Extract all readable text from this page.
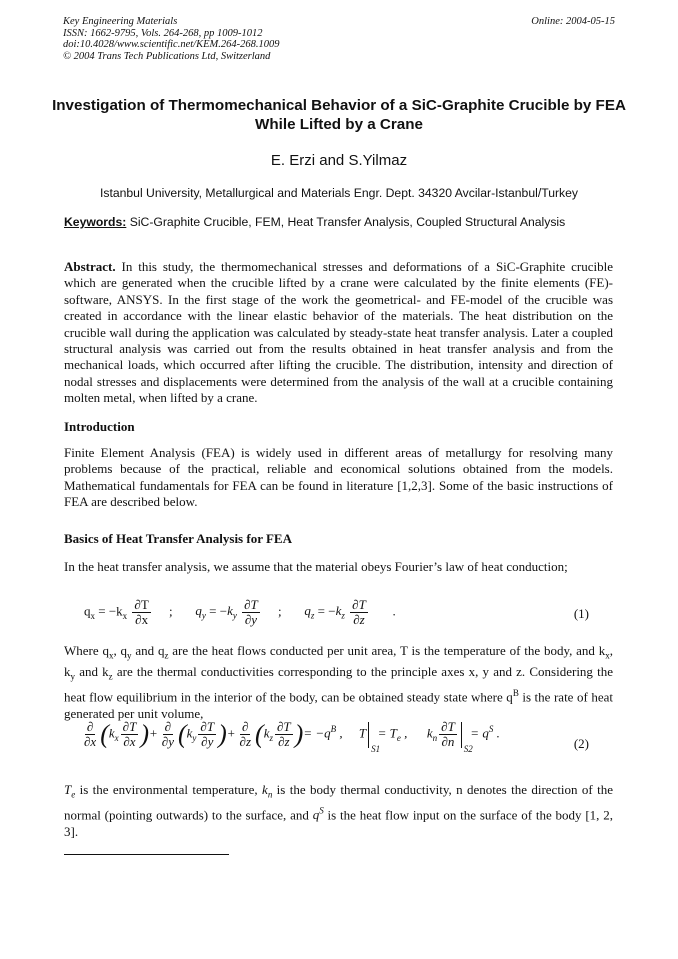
Key Engineering Materials
ISSN: 1662-9795, Vols. 264-268, pp 1009-1012
doi:10.4028/www.scientific.net/KEM.264-268.1009
© 2004 Trans Tech Publications Ltd, Switzerland
Online: 2004-05-15
Investigation of Thermomechanical Behavior of a SiC-Graphite Crucible by FEA While Lifted by a Crane
E. Erzi and S.Yilmaz
Istanbul University, Metallurgical and Materials Engr. Dept. 34320 Avcilar-Istanbul/Turkey
Keywords: SiC-Graphite Crucible, FEM, Heat Transfer Analysis, Coupled Structural Analysis
Abstract. In this study, the thermomechanical stresses and deformations of a SiC-Graphite crucible which are generated when the crucible lifted by a crane were calculated by the finite elements (FE)-software, ANSYS. In the first stage of the work the geometrical- and FE-model of the crucible was created in accordance with the linear elastic behavior of the materials. The heat distribution on the crucible wall during the application was calculated by steady-state heat transfer analysis. Later a coupled structural analysis was carried out from the results obtained in heat transfer analysis and from the mechanical loads, which occurred after lifting the crucible. The distribution, intensity and direction of nodal stresses and displacements were determined from the analysis of the wall at a crucible containing molten metal, when lifted by a crane.
Introduction
Finite Element Analysis (FEA) is widely used in different areas of metallurgy for resolving many problems because of the practical, reliable and economical solutions obtained from the models. Mathematical fundamentals for FEA can be found in literature [1,2,3]. Some of the basic instructions of FEA are described below.
Basics of Heat Transfer Analysis for FEA
In the heat transfer analysis, we assume that the material obeys Fourier’s law of heat conduction;
$q_x = -k_x \frac{\partial T}{\partial x}$ ;       $q_y = -k_y \frac{\partial T}{\partial y}$ ;       $q_z = -k_z \frac{\partial T}{\partial z}$ .	(1)
Where $q_x$, $q_y$ and $q_z$ are the heat flows conducted per unit area, T is the temperature of the body, and $k_x$, $k_y$ and $k_z$ are the thermal conductivities corresponding to the principle axes x, y and z. Considering the heat flow equilibrium in the interior of the body, can be obtained steady state where $q^B$ is the rate of heat generated per unit volume,
$\frac{\partial}{\partial x} (k_x \frac{\partial T}{\partial x}$ )+ $\frac{\partial}{\partial y} (k_y \frac{\partial T}{\partial y}$ )+ $\frac{\partial}{\partial z} (k_z \frac{\partial T}{\partial z}$ )= $-q^B$ ,     T
S1
= $T_e$ ,      $k_n \frac{\partial T}{\partial n} S2$
= $q^S$ .
(2)
$T_e$ is the environmental temperature, $k_n$ is the body thermal conductivity, n denotes the direction of the normal (pointing outwards) to the surface, and $q^S$ is the heat flow input on the surface of the body [1, 2, 3].
